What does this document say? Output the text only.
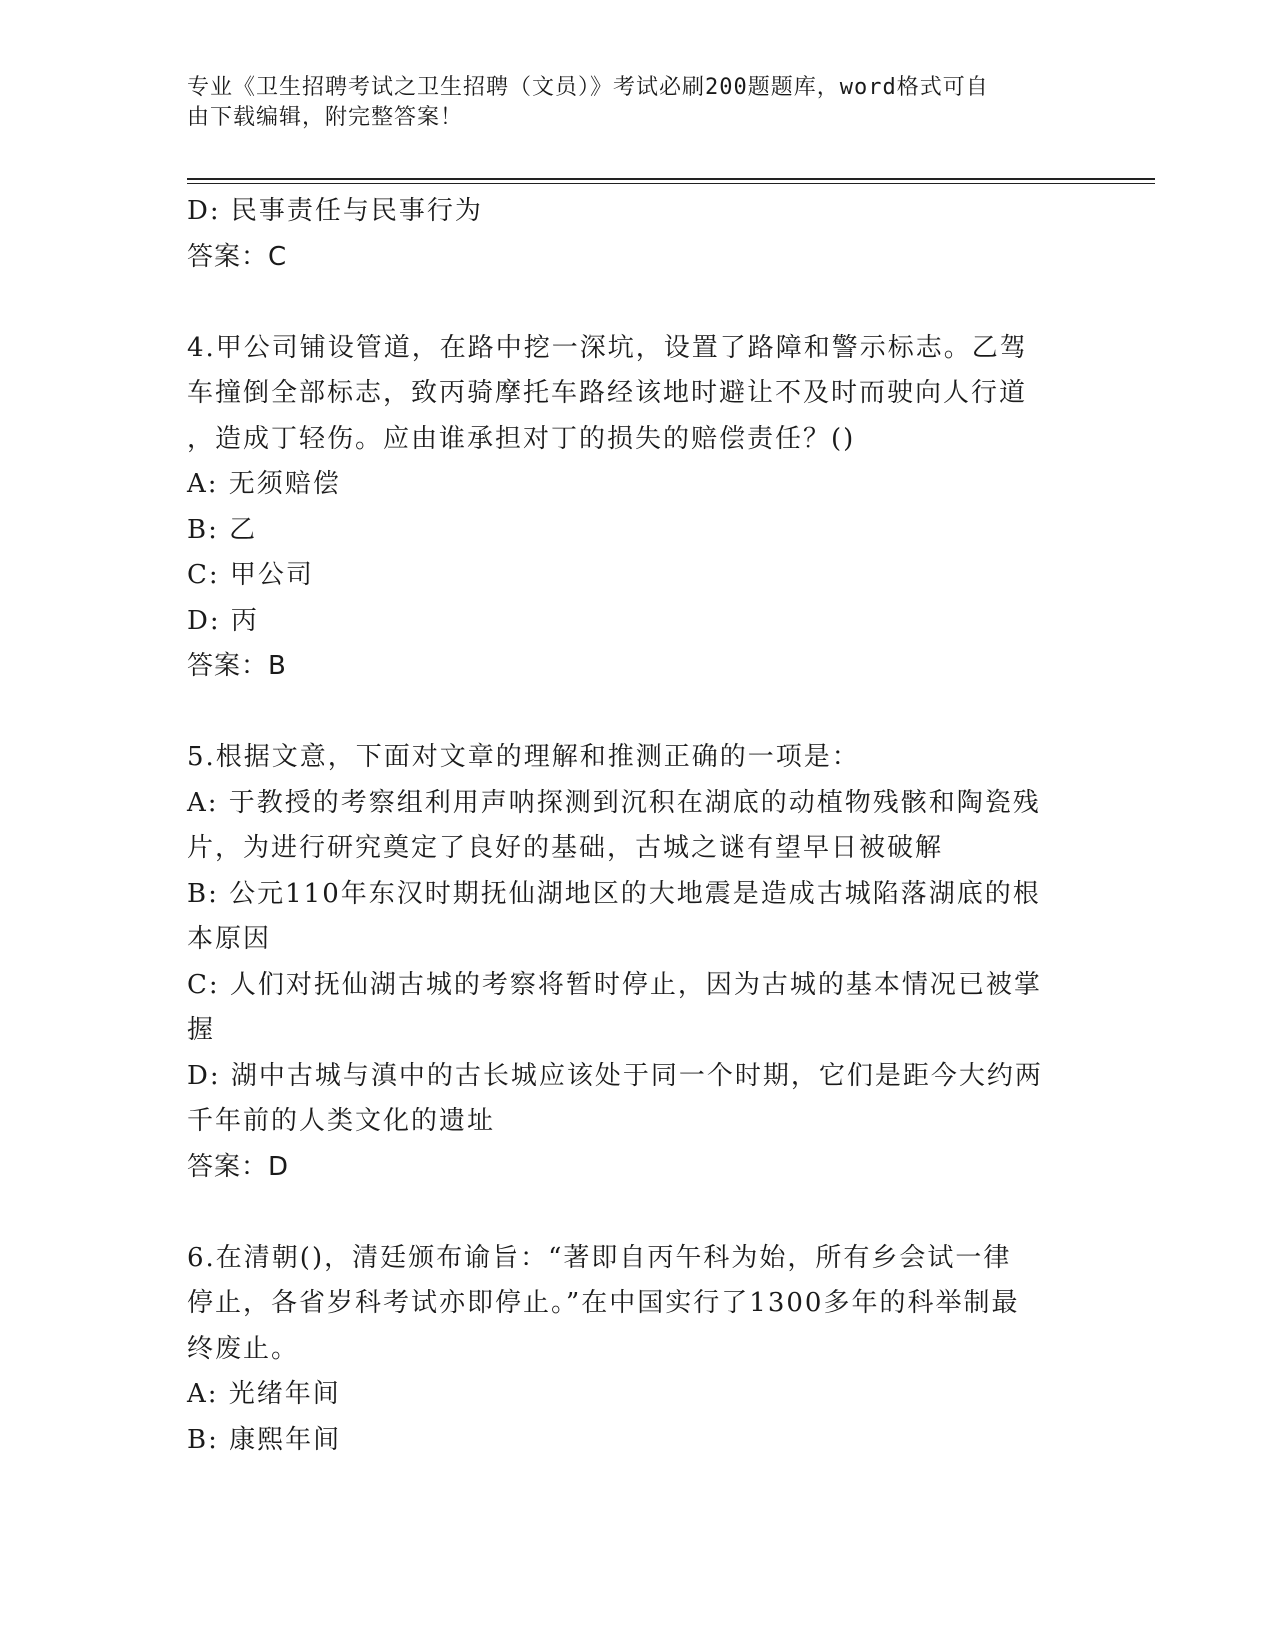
专业《卫生招聘考试之卫生招聘（文员）》考试必刷200题题库，word格式可自
由下载编辑，附完整答案！
D: 民事责任与民事行为
答案：C
4.甲公司铺设管道，在路中挖一深坑，设置了路障和警示标志。乙驾
车撞倒全部标志，致丙骑摩托车路经该地时避让不及时而驶向人行道
，造成丁轻伤。应由谁承担对丁的损失的赔偿责任？()
A: 无须赔偿
B: 乙
C: 甲公司
D: 丙
答案：B
5.根据文意，下面对文章的理解和推测正确的一项是：
A: 于教授的考察组利用声呐探测到沉积在湖底的动植物残骸和陶瓷残
片，为进行研究奠定了良好的基础，古城之谜有望早日被破解
B: 公元110年东汉时期抚仙湖地区的大地震是造成古城陷落湖底的根
本原因
C: 人们对抚仙湖古城的考察将暂时停止，因为古城的基本情况已被掌
握
D: 湖中古城与滇中的古长城应该处于同一个时期，它们是距今大约两
千年前的人类文化的遗址
答案：D
6.在清朝()，清廷颁布谕旨：“著即自丙午科为始，所有乡会试一律
停止，各省岁科考试亦即停止。”在中国实行了1300多年的科举制最
终废止。
A: 光绪年间
B: 康熙年间
